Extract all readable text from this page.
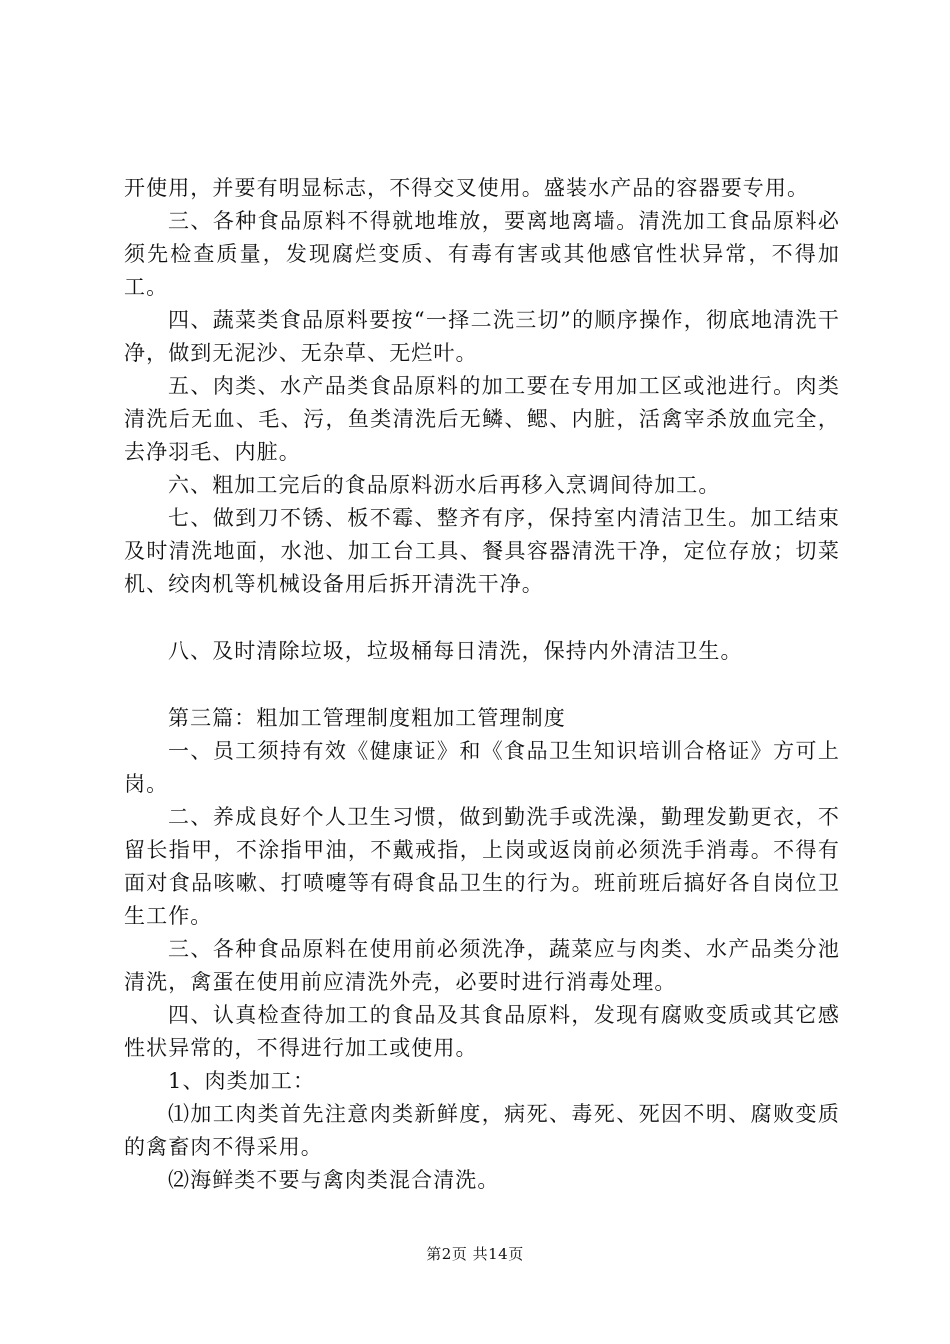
开使用，并要有明显标志，不得交叉使用。盛装水产品的容器要专用。

三、各种食品原料不得就地堆放，要离地离墙。清洗加工食品原料必须先检查质量，发现腐烂变质、有毒有害或其他感官性状异常，不得加工。

四、蔬菜类食品原料要按“一择二洗三切”的顺序操作，彻底地清洗干净，做到无泥沙、无杂草、无烂叶。

五、肉类、水产品类食品原料的加工要在专用加工区或池进行。肉类清洗后无血、毛、污，鱼类清洗后无鳞、鳃、内脏，活禽宰杀放血完全，去净羽毛、内脏。

六、粗加工完后的食品原料沥水后再移入烹调间待加工。

七、做到刀不锈、板不霉、整齐有序，保持室内清洁卫生。加工结束及时清洗地面，水池、加工台工具、餐具容器清洗干净，定位存放；切菜机、绞肉机等机械设备用后拆开清洗干净。

八、及时清除垃圾，垃圾桶每日清洗，保持内外清洁卫生。

第三篇：粗加工管理制度粗加工管理制度

一、员工须持有效《健康证》和《食品卫生知识培训合格证》方可上岗。

二、养成良好个人卫生习惯，做到勤洗手或洗澡，勤理发勤更衣，不留长指甲，不涂指甲油，不戴戒指，上岗或返岗前必须洗手消毒。不得有面对食品咳嗽、打喷嚏等有碍食品卫生的行为。班前班后搞好各自岗位卫生工作。

三、各种食品原料在使用前必须洗净，蔬菜应与肉类、水产品类分池清洗，禽蛋在使用前应清洗外壳，必要时进行消毒处理。

四、认真检查待加工的食品及其食品原料，发现有腐败变质或其它感性状异常的，不得进行加工或使用。

1、肉类加工：

⑴加工肉类首先注意肉类新鲜度，病死、毒死、死因不明、腐败变质的禽畜肉不得采用。

⑵海鲜类不要与禽肉类混合清洗。

第2页 共14页
